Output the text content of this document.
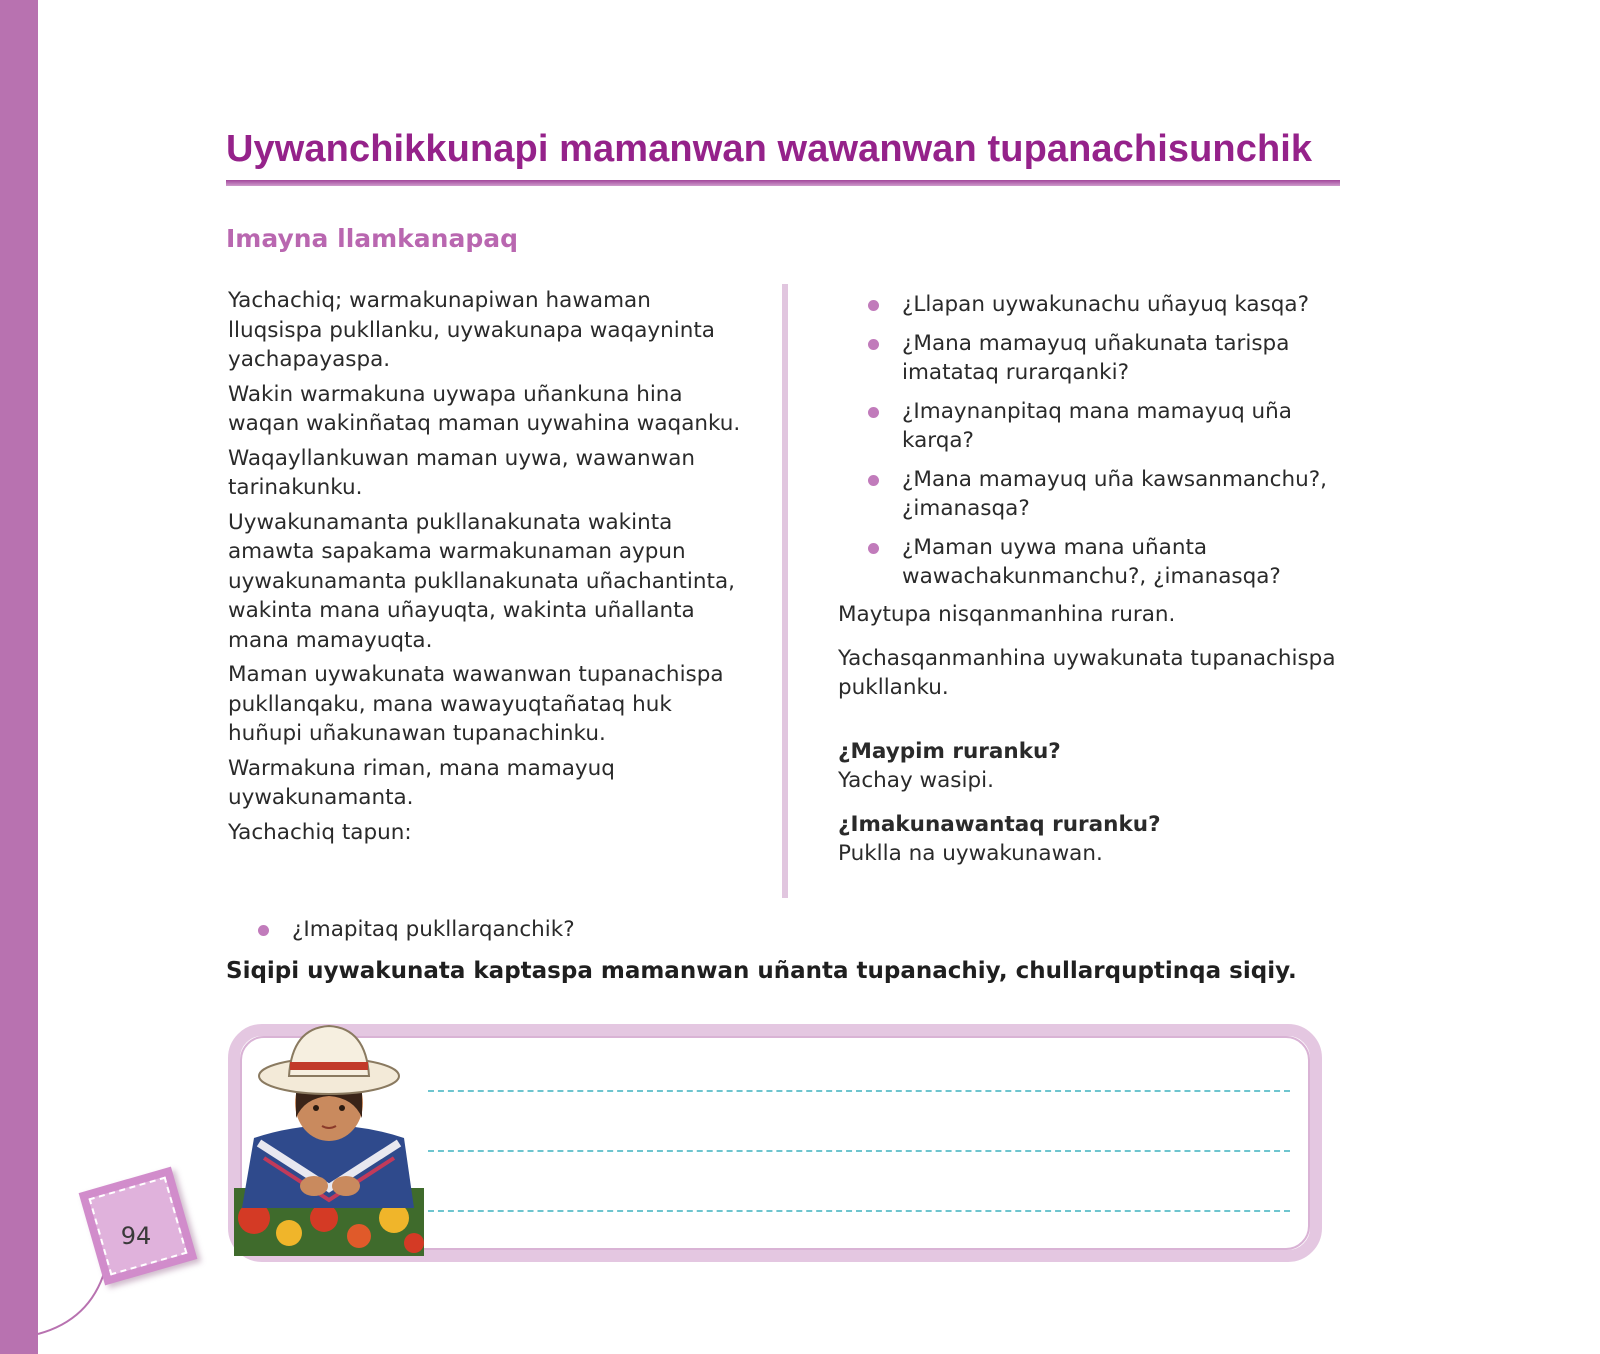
Uywanchikkunapi mamanwan wawanwan tupanachisunchik
Imayna llamkanapaq

Yachachiq; warmakunapiwan hawaman lluqsispa pukllanku, uywakunapa waqayninta yachapayaspa.

Wakin warmakuna uywapa uñankuna hina waqan wakinñataq maman uywahina waqanku.

Waqayllankuwan maman uywa, wawanwan tarinakunku.

Uywakunamanta pukllanakunata wakinta amawta sapakama warmakunaman aypun uywakunamanta pukllanakunata uñachantinta, wakinta mana uñayuqta, wakinta uñallanta mana mamayuqta.

Maman uywakunata wawanwan tupanachispa pukllanqaku, mana wawayuqtañataq huk huñupi uñakunawan tupanachinku.

Warmakuna riman, mana mamayuq uywakunamanta.

Yachachiq tapun:

¿Imapitaq pukllarqanchik?
¿Llapan uywakunachu uñayuq kasqa?
¿Mana mamayuq uñakunata tarispa imatataq rurarqanki?
¿Imaynanpitaq mana mamayuq uña karqa?
¿Mana mamayuq uña kawsanmanchu?, ¿imanasqa?
¿Maman uywa mana uñanta wawachakunmanchu?, ¿imanasqa?

Maytupa nisqanmanhina ruran.

Yachasqanmanhina uywakunata tupanachispa pukllanku.

¿Maypim ruranku?

Yachay wasipi.

¿Imakunawantaq ruranku?

Puklla na uywakunawan.

Siqipi uywakunata kaptaspa mamanwan uñanta tupanachiy, chullarquptinqa siqiy.

94
